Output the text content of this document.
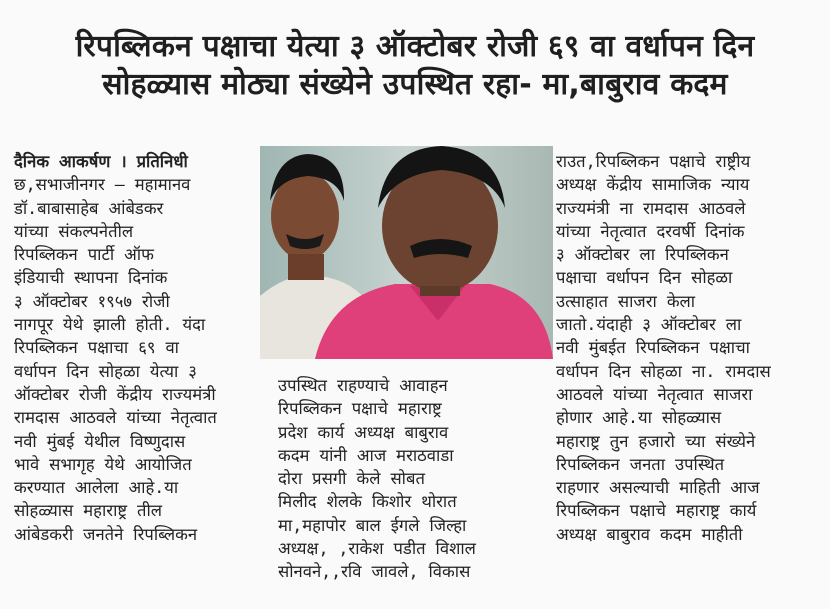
रिपब्लिकन पक्षाचा येत्या ३ ऑक्टोबर रोजी ६९ वा वर्धापन दिन
सोहळ्यास मोठ्या संख्येने उपस्थित रहा- मा,बाबुराव कदम
दैनिक आकर्षण । प्रतिनिधी
छ,सभाजीनगर – महामानव
डॉ.बाबासाहेब आंबेडकर
यांच्या संकल्पनेतील
रिपब्लिकन पार्टी ऑफ
इंडियाची स्थापना दिनांक
३ ऑक्टोबर १९५७ रोजी
नागपूर येथे झाली होती. यंदा
रिपब्लिकन पक्षाचा ६९ वा
वर्धापन दिन सोहळा येत्या ३
ऑक्टोबर रोजी केंद्रीय राज्यमंत्री
रामदास आठवले यांच्या नेतृत्वात
नवी मुंबई येथील विष्णुदास
भावे सभागृह येथे आयोजित
करण्यात आलेला आहे.या
सोहळ्यास महाराष्ट्र तील
आंबेडकरी जनतेने रिपब्लिकन
उपस्थित राहण्याचे आवाहन
रिपब्लिकन पक्षाचे महाराष्ट्र
प्रदेश कार्य अध्यक्ष बाबुराव
कदम यांनी आज मराठवाडा
दोरा प्रसगी केले सोबत
मिलीद शेलके किशोर थोरात
मा,महापोर बाल ईगले जिल्हा
अध्यक्ष, ,राकेश पडीत विशाल
सोनवने,,रवि जावले, विकास
राउत,रिपब्लिकन पक्षाचे राष्ट्रीय
अध्यक्ष केंद्रीय सामाजिक न्याय
राज्यमंत्री ना रामदास आठवले
यांच्या नेतृत्वात दरवर्षी दिनांक
३ ऑक्टोबर ला रिपब्लिकन
पक्षाचा वर्धापन दिन सोहळा
उत्साहात साजरा केला
जातो.यंदाही ३ ऑक्टोबर ला
नवी मुंबईत रिपब्लिकन पक्षाचा
वर्धापन दिन सोहळा ना. रामदास
आठवले यांच्या नेतृत्वात साजरा
होणार आहे.या सोहळ्यास
महाराष्ट्र तुन हजारो च्या संख्येने
रिपब्लिकन जनता उपस्थित
राहणार असल्याची माहिती आज
रिपब्लिकन पक्षाचे महाराष्ट्र कार्य
अध्यक्ष बाबुराव कदम माहीती
